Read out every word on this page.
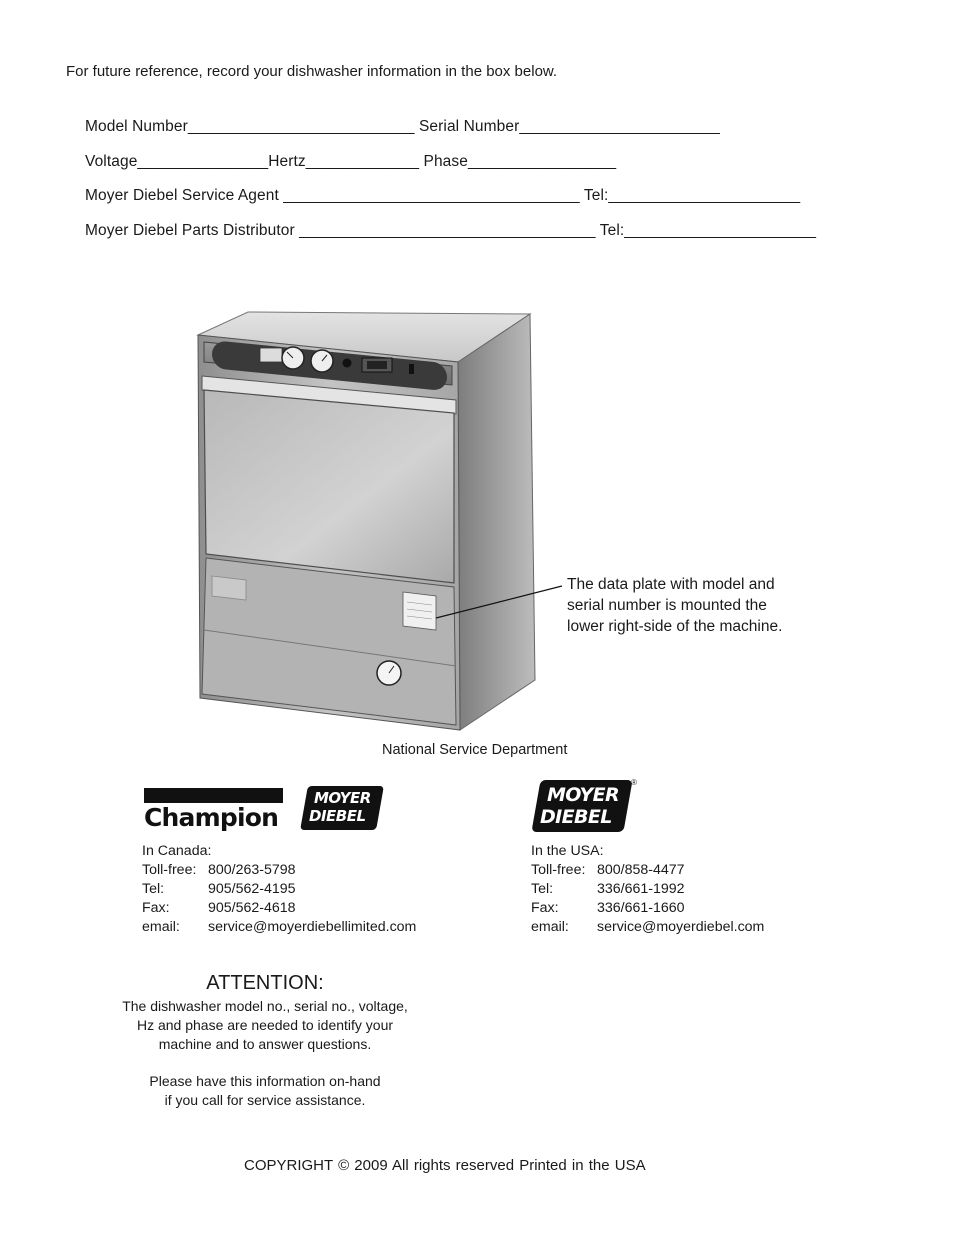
For future reference, record your dishwasher information in the box below.
Model Number__________________________ Serial Number_______________________
Voltage_______________Hertz_____________ Phase_________________
Moyer Diebel Service Agent __________________________________ Tel:______________________
Moyer Diebel Parts Distributor __________________________________ Tel:______________________
The data plate with model and
serial number is mounted the
lower right-side of the machine.
National Service Department
Champion
MOYER
DIEBEL
MOYER
DIEBEL
®
In Canada:
Toll-free: 800/263-5798
Tel:	905/562-4195
Fax:	905/562-4618
email: service@moyerdiebellimited.com
In the USA:
Toll-free: 800/858-4477
Tel:	336/661-1992
Fax:	336/661-1660
email: service@moyerdiebel.com
ATTENTION:
The dishwasher model no., serial no., voltage,
Hz and phase are needed to identify your
machine and to answer questions.
Please have this information on-hand
if you call for service assistance.
COPYRIGHT © 2009 All rights reserved Printed in the USA
